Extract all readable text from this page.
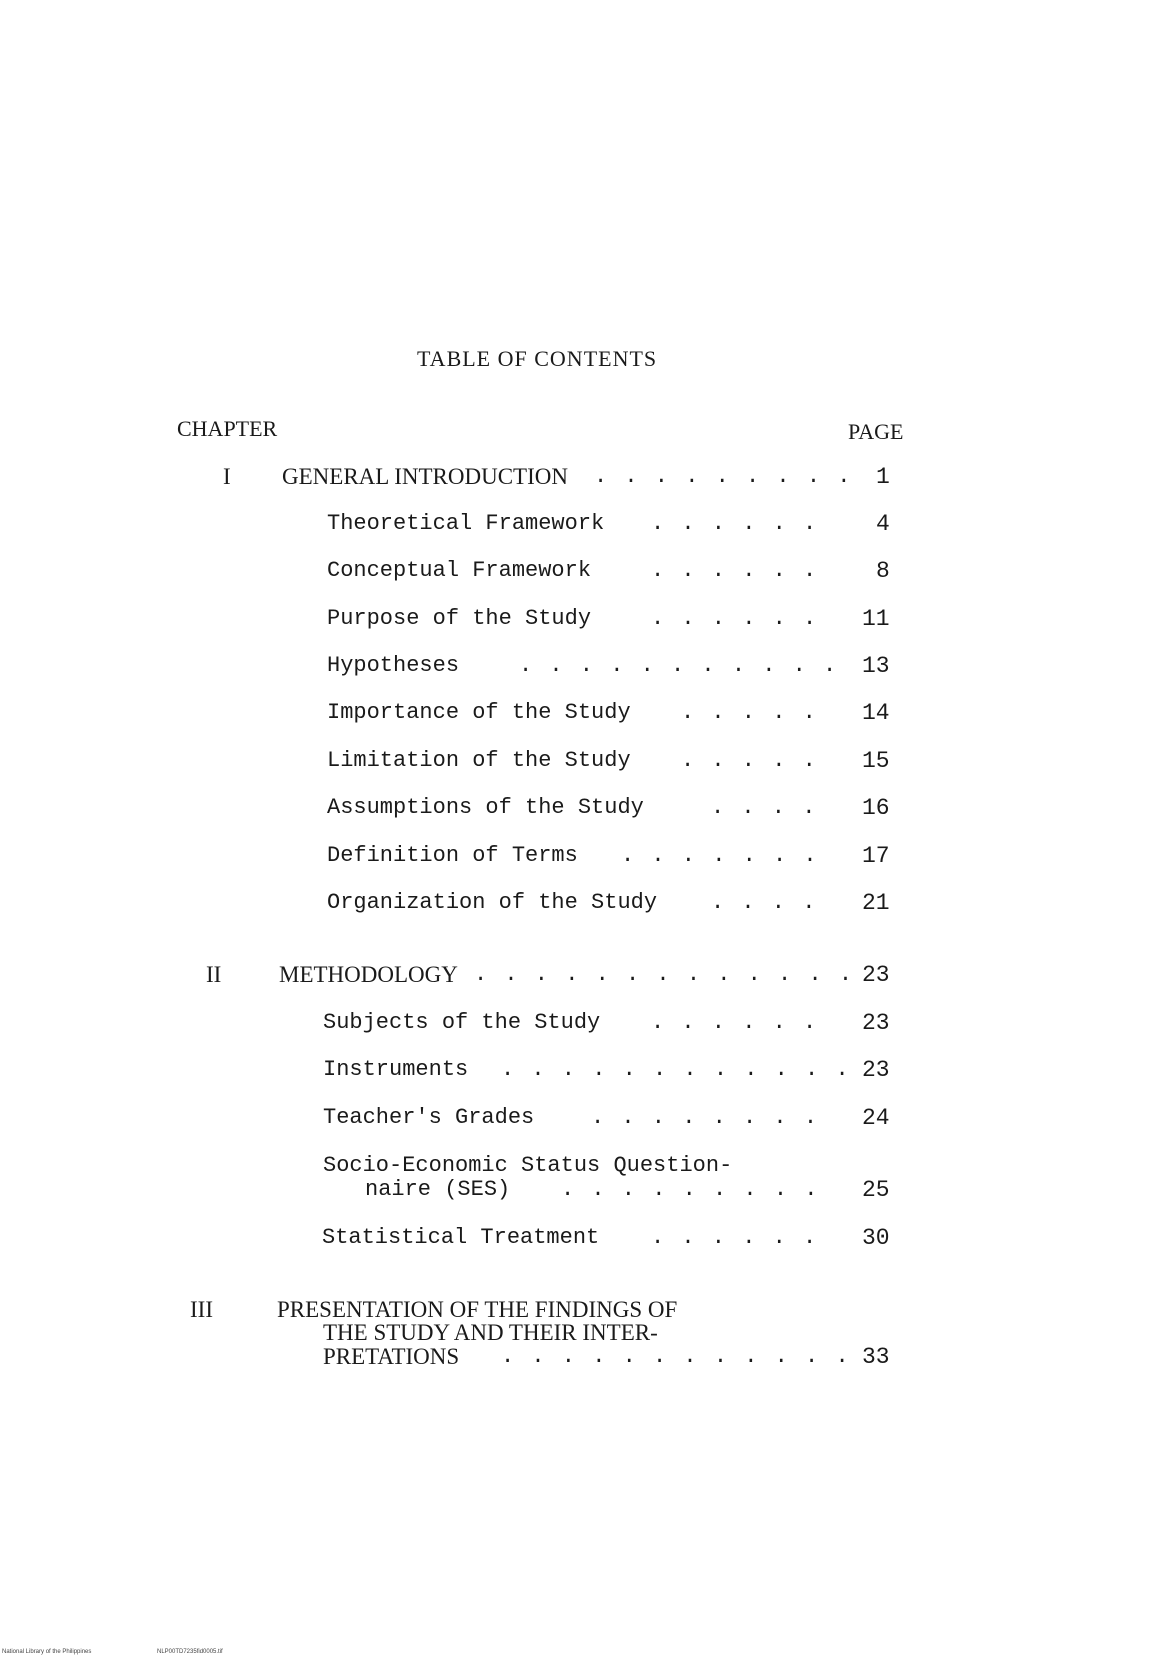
TABLE OF CONTENTS
CHAPTER	PAGE
I GENERAL INTRODUCTION . . . . . . . . . 1
Theoretical Framework . . . . . .	4
Conceptual Framework	. . . . . .	8
Purpose of the Study	. . . . . . 11
Hypotheses	. . . . . . . . . . . 13
Importance of the Study . . . . . 14
Limitation of the Study . . . . . 15
Assumptions of the Study	. . . . 16
Definition of Terms . . . . . . . 17
Organization of the Study . . . . 21
II	METHODOLOGY . . . . . . . . . . . . . 23
Subjects of the Study . . . . . . 23
Instruments . . . . . . . . . . . . 23
Teacher's Grades	. . . . . . . . 24
Socio-Economic Status Question-
naire (SES) . . . . . . . . . 25
Statistical Treatment . . . . . . 30
III	PRESENTATION OF THE FINDINGS OF
THE STUDY AND THEIR INTER-
PRETATIONS . . . . . . . . . . . . 33
National Library of the Philippines	NLP00TD7235fid0005.tif
